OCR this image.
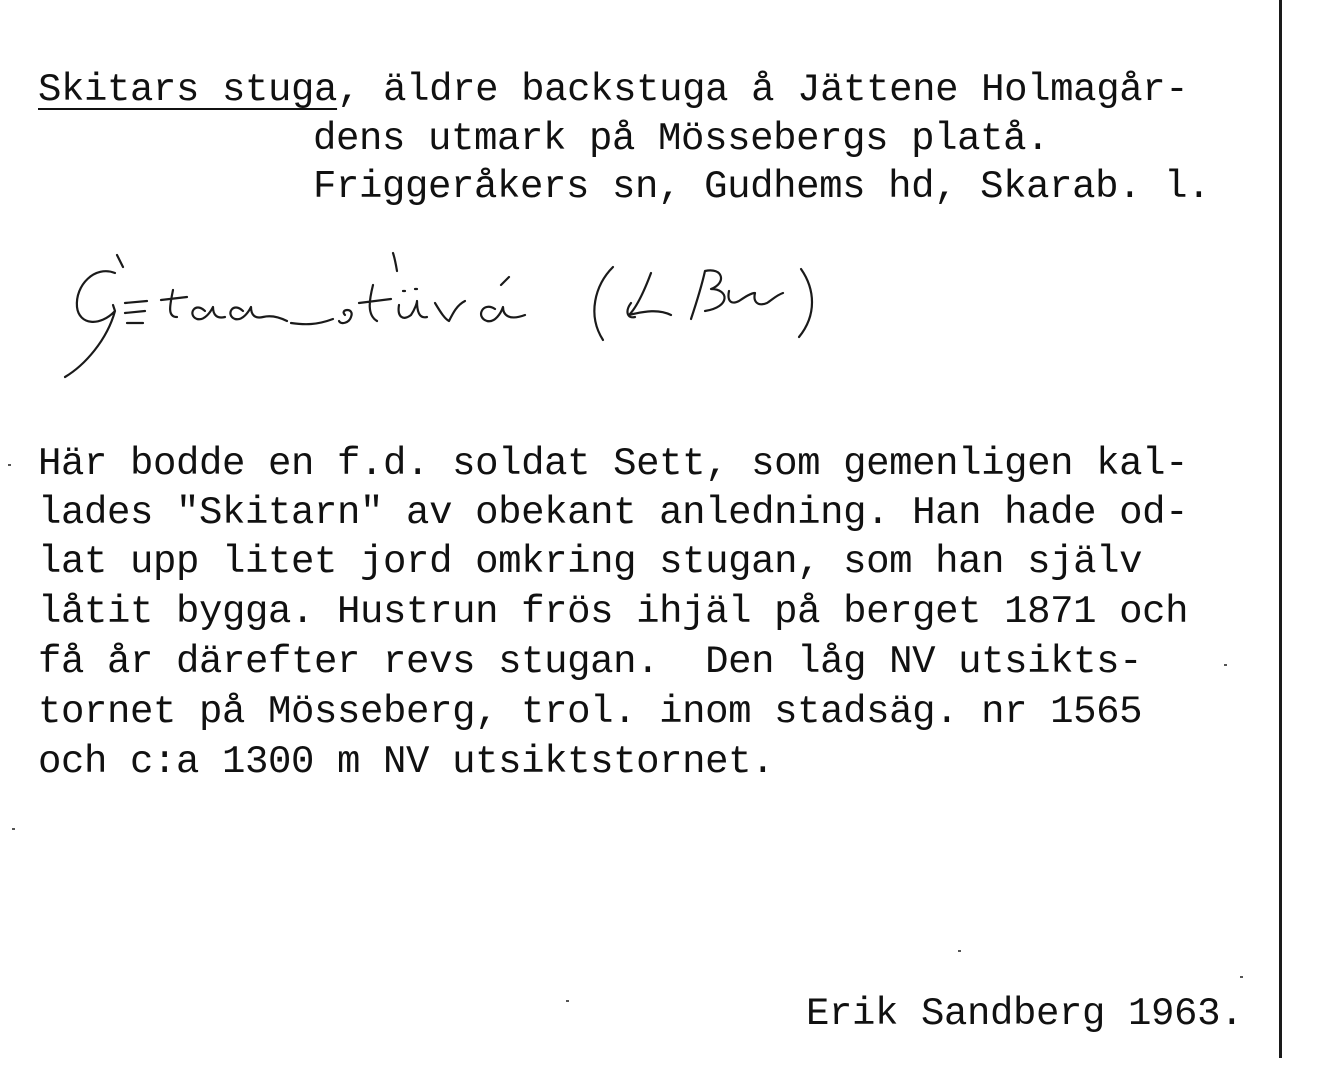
Skitars stuga, äldre backstuga å Jättene Holmagår-
dens utmark på Mössebergs platå.
Friggeråkers sn, Gudhems hd, Skarab. l.
Här bodde en f.d. soldat Sett, som gemenligen kal-
lades "Skitarn" av obekant anledning. Han hade od-
lat upp litet jord omkring stugan, som han själv
låtit bygga. Hustrun frös ihjäl på berget 1871 och
få år därefter revs stugan.  Den låg NV utsikts-
tornet på Mösseberg, trol. inom stadsäg. nr 1565
och c:a 1300 m NV utsiktstornet.
Erik Sandberg 1963.
